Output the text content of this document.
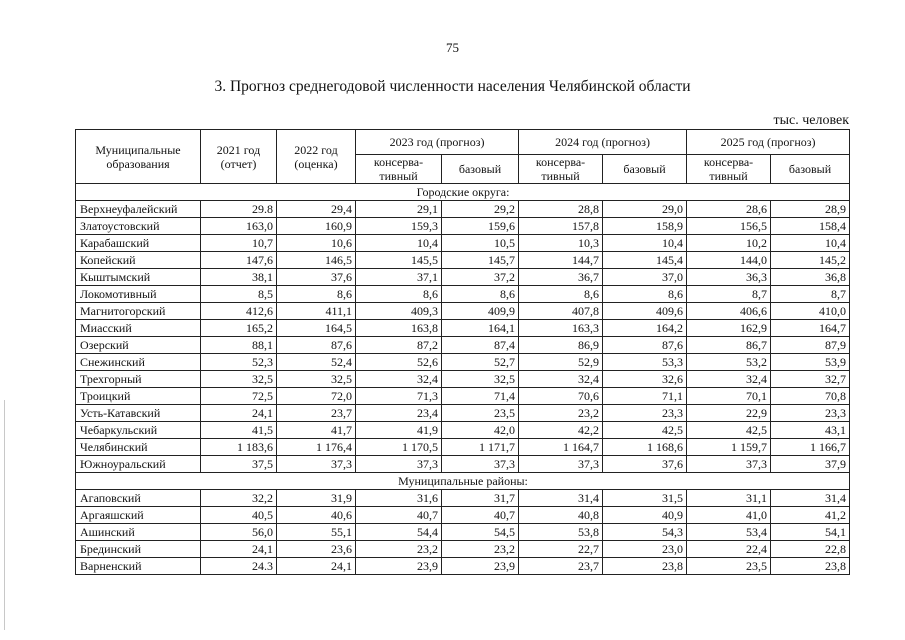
75
3. Прогноз среднегодовой численности населения Челябинской области
тыс. человек
Муниципальные образования	2021 год (отчет)	2022 год (оценка)	2023 год (прогноз)		2024 год (прогноз)		2025 год (прогноз)	
			консерва-тивный	базовый	консерва-тивный	базовый	консерва-тивный	базовый
Городские округа:								
Верхнеуфалейский	29.8	29,4	29,1	29,2	28,8	29,0	28,6	28,9
Златоустовский	163,0	160,9	159,3	159,6	157,8	158,9	156,5	158,4
Карабашский	10,7	10,6	10,4	10,5	10,3	10,4	10,2	10,4
Копейский	147,6	146,5	145,5	145,7	144,7	145,4	144,0	145,2
Кыштымский	38,1	37,6	37,1	37,2	36,7	37,0	36,3	36,8
Локомотивный	8,5	8,6	8,6	8,6	8,6	8,6	8,7	8,7
Магнитогорский	412,6	411,1	409,3	409,9	407,8	409,6	406,6	410,0
Миасский	165,2	164,5	163,8	164,1	163,3	164,2	162,9	164,7
Озерский	88,1	87,6	87,2	87,4	86,9	87,6	86,7	87,9
Снежинский	52,3	52,4	52,6	52,7	52,9	53,3	53,2	53,9
Трехгорный	32,5	32,5	32,4	32,5	32,4	32,6	32,4	32,7
Троицкий	72,5	72,0	71,3	71,4	70,6	71,1	70,1	70,8
Усть-Катавский	24,1	23,7	23,4	23,5	23,2	23,3	22,9	23,3
Чебаркульский	41,5	41,7	41,9	42,0	42,2	42,5	42,5	43,1
Челябинский	1 183,6	1 176,4	1 170,5	1 171,7	1 164,7	1 168,6	1 159,7	1 166,7
Южноуральский	37,5	37,3	37,3	37,3	37,3	37,6	37,3	37,9
Муниципальные районы:								
Агаповский	32,2	31,9	31,6	31,7	31,4	31,5	31,1	31,4
Аргаяшский	40,5	40,6	40,7	40,7	40,8	40,9	41,0	41,2
Ашинский	56,0	55,1	54,4	54,5	53,8	54,3	53,4	54,1
Брединский	24,1	23,6	23,2	23,2	22,7	23,0	22,4	22,8
Варненский	24.3	24,1	23,9	23,9	23,7	23,8	23,5	23,8
